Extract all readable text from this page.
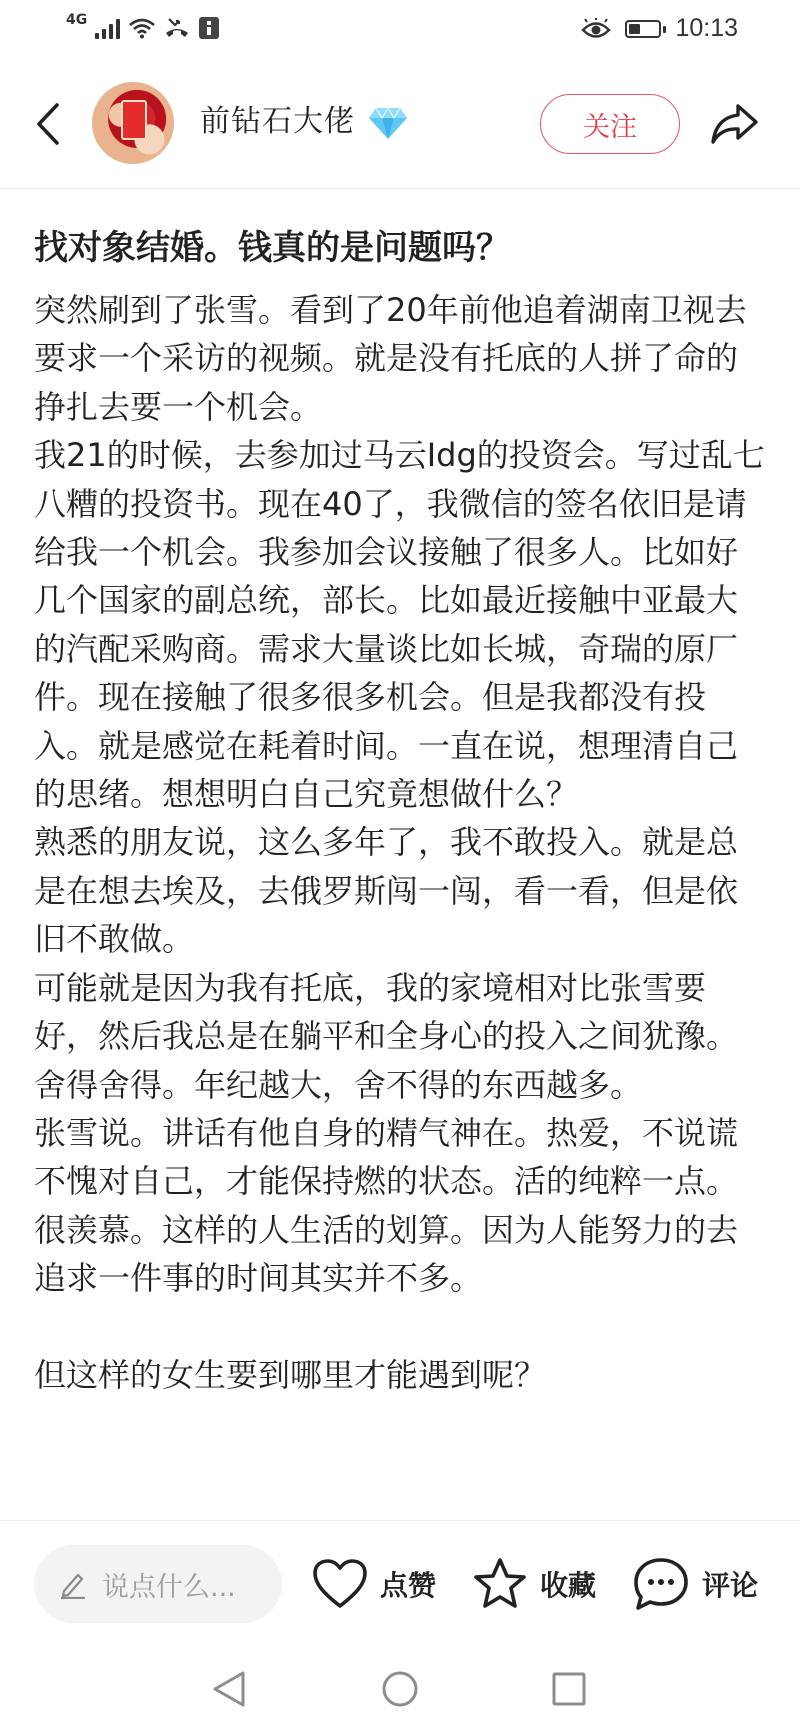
4G	10:13
前钻石大佬	关注
找对象结婚。钱真的是问题吗？

突然刷到了张雪。看到了20年前他追着湖南卫视去要求一个采访的视频。就是没有托底的人拼了命的挣扎去要一个机会。

我21的时候，去参加过马云Idg的投资会。写过乱七八糟的投资书。现在40了，我微信的签名依旧是请给我一个机会。我参加会议接触了很多人。比如好几个国家的副总统，部长。比如最近接触中亚最大的汽配采购商。需求大量谈比如长城，奇瑞的原厂件。现在接触了很多很多机会。但是我都没有投入。就是感觉在耗着时间。一直在说，想理清自己的思绪。想想明白自己究竟想做什么？

熟悉的朋友说，这么多年了，我不敢投入。就是总是在想去埃及，去俄罗斯闯一闯，看一看，但是依旧不敢做。

可能就是因为我有托底，我的家境相对比张雪要好，然后我总是在躺平和全身心的投入之间犹豫。舍得舍得。年纪越大，舍不得的东西越多。

张雪说。讲话有他自身的精气神在。热爱，不说谎不愧对自己，才能保持燃的状态。活的纯粹一点。很羡慕。这样的人生活的划算。因为人能努力的去追求一件事的时间其实并不多。

但这样的女生要到哪里才能遇到呢？

说点什么...	点赞	收藏	评论
